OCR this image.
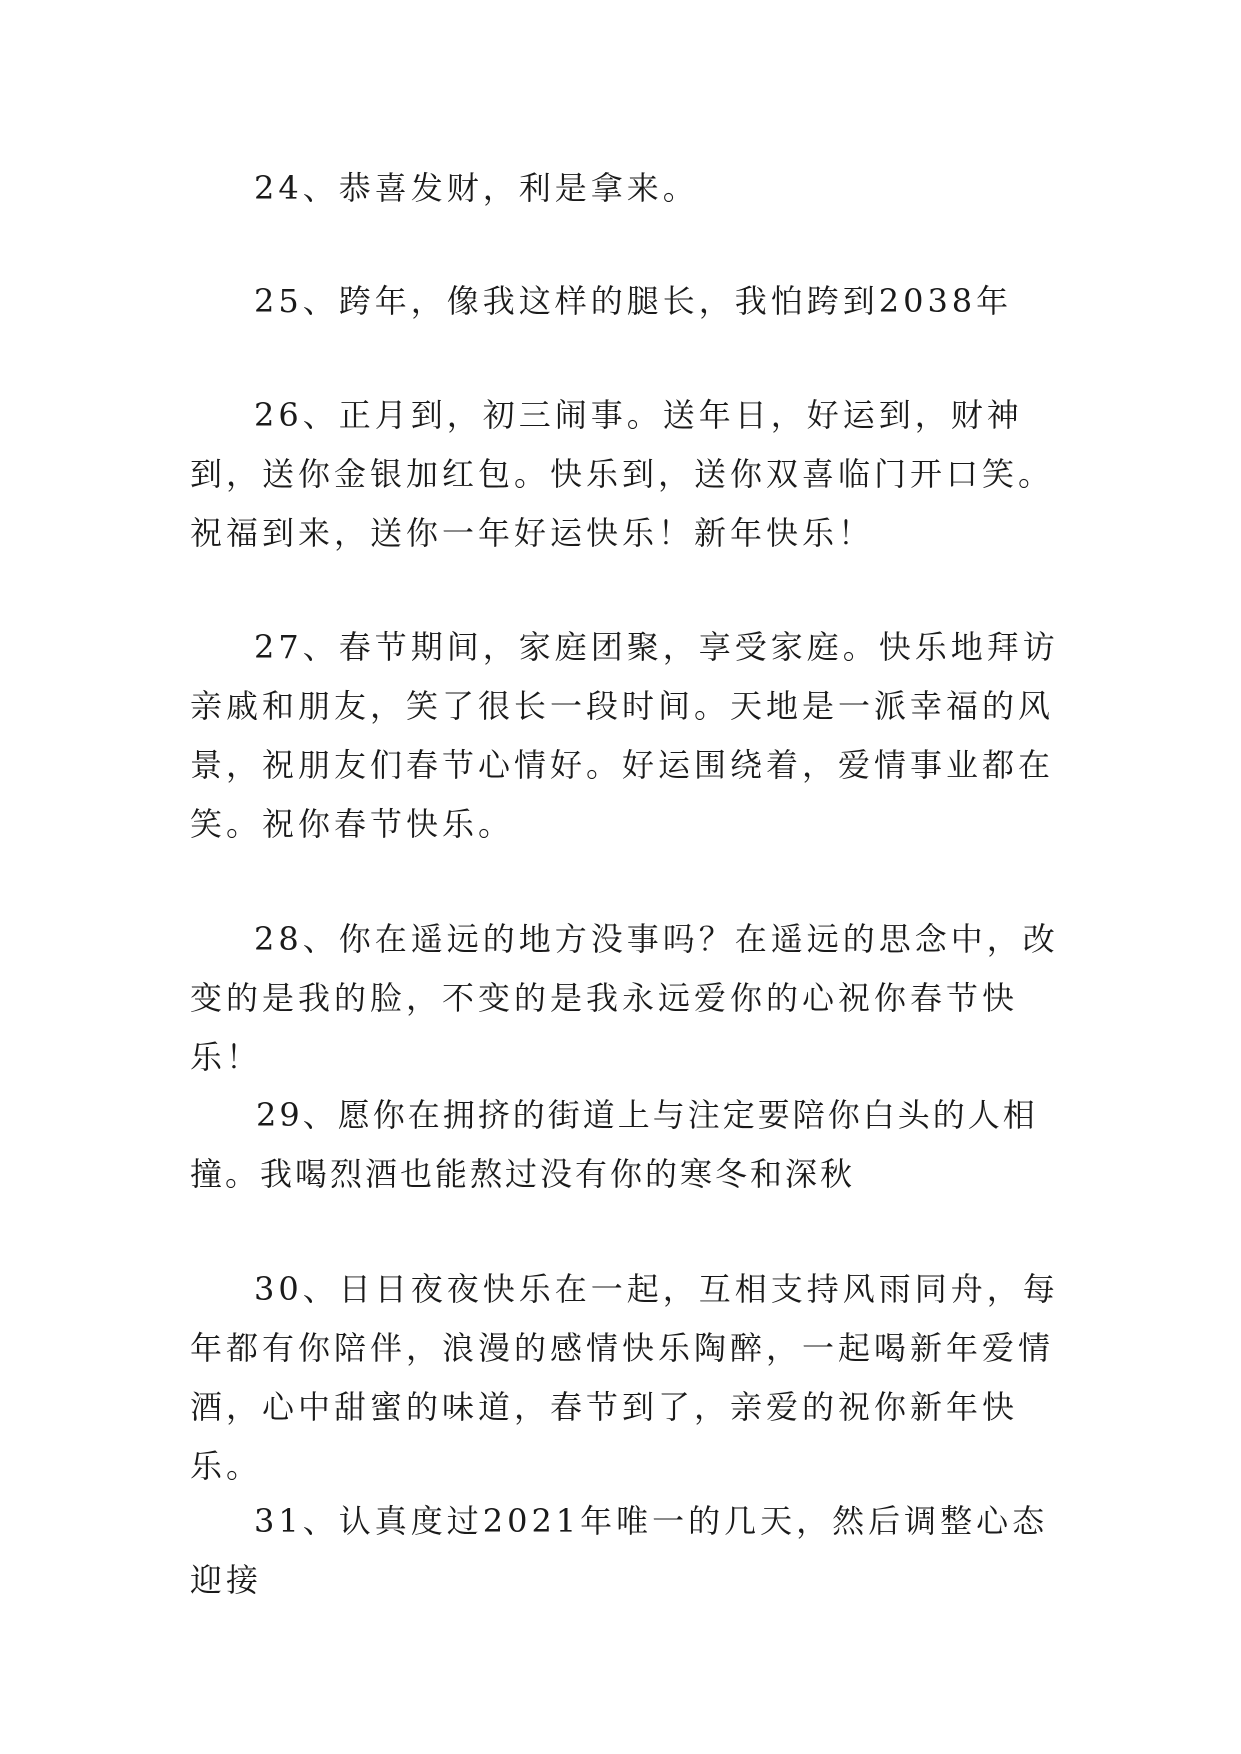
24、恭喜发财，利是拿来。

25、跨年，像我这样的腿长，我怕跨到2038年

26、正月到，初三闹事。送年日，好运到，财神到，送你金银加红包。快乐到，送你双喜临门开口笑。祝福到来，送你一年好运快乐！新年快乐！

27、春节期间，家庭团聚，享受家庭。快乐地拜访亲戚和朋友，笑了很长一段时间。天地是一派幸福的风景，祝朋友们春节心情好。好运围绕着，爱情事业都在笑。祝你春节快乐。

28、你在遥远的地方没事吗？在遥远的思念中，改变的是我的脸，不变的是我永远爱你的心祝你春节快乐！

29、愿你在拥挤的街道上与注定要陪你白头的人相撞。我喝烈酒也能熬过没有你的寒冬和深秋

30、日日夜夜快乐在一起，互相支持风雨同舟，每年都有你陪伴，浪漫的感情快乐陶醉，一起喝新年爱情酒，心中甜蜜的味道，春节到了，亲爱的祝你新年快乐。

31、认真度过2021年唯一的几天，然后调整心态迎接
